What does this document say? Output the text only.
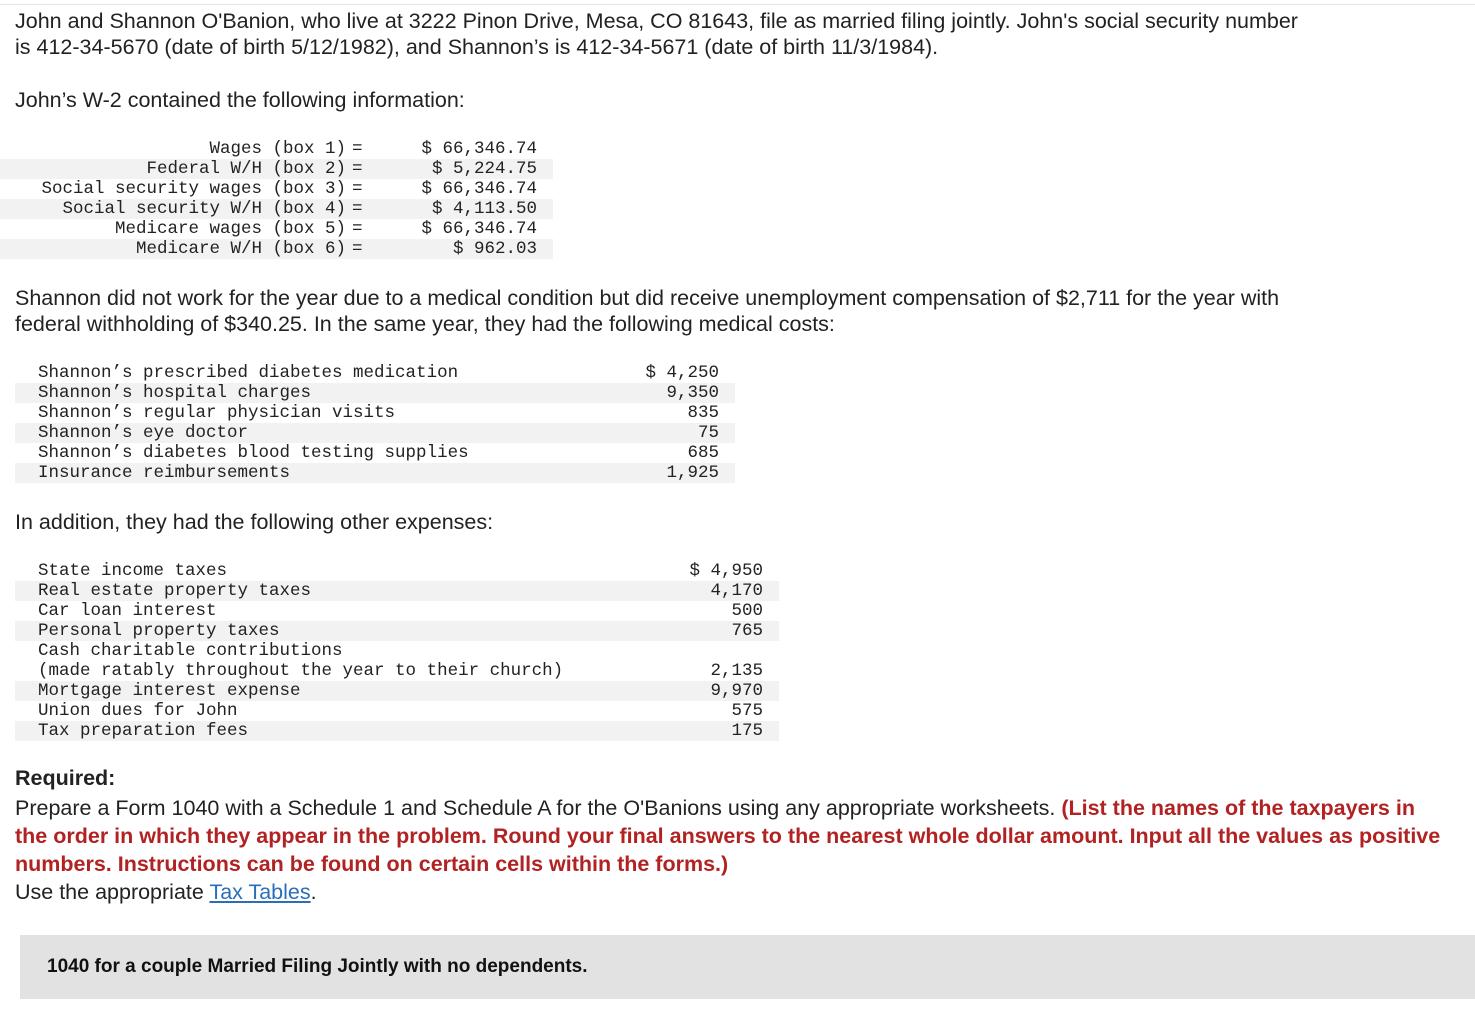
John and Shannon O'Banion, who live at 3222 Pinon Drive, Mesa, CO 81643, file as married filing jointly. John's social security number
is 412-34-5670 (date of birth 5/12/1982), and Shannon’s is 412-34-5671 (date of birth 11/3/1984).

John’s W-2 contained the following information:

Wages (box 1)	=	$ 66,346.74
Federal W/H (box 2)	=	$ 5,224.75
Social security wages (box 3)	=	$ 66,346.74
Social security W/H (box 4)	=	$ 4,113.50
Medicare wages (box 5)	=	$ 66,346.74
Medicare W/H (box 6)	=	$ 962.03

Shannon did not work for the year due to a medical condition but did receive unemployment compensation of $2,711 for the year with
federal withholding of $340.25. In the same year, they had the following medical costs:

Shannon’s prescribed diabetes medication	$ 4,250
Shannon’s hospital charges	9,350
Shannon’s regular physician visits	835
Shannon’s eye doctor	75
Shannon’s diabetes blood testing supplies	685
Insurance reimbursements	1,925

In addition, they had the following other expenses:

State income taxes	$ 4,950
Real estate property taxes	4,170
Car loan interest	500
Personal property taxes	765
Cash charitable contributions	
(made ratably throughout the year to their church)	2,135
Mortgage interest expense	9,970
Union dues for John	575
Tax preparation fees	175

Required:

Prepare a Form 1040 with a Schedule 1 and Schedule A for the O'Banions using any appropriate worksheets. (List the names of the taxpayers in the order in which they appear in the problem. Round your final answers to the nearest whole dollar amount. Input all the values as positive numbers. Instructions can be found on certain cells within the forms.)
Use the appropriate Tax Tables.

1040 for a couple Married Filing Jointly with no dependents.
